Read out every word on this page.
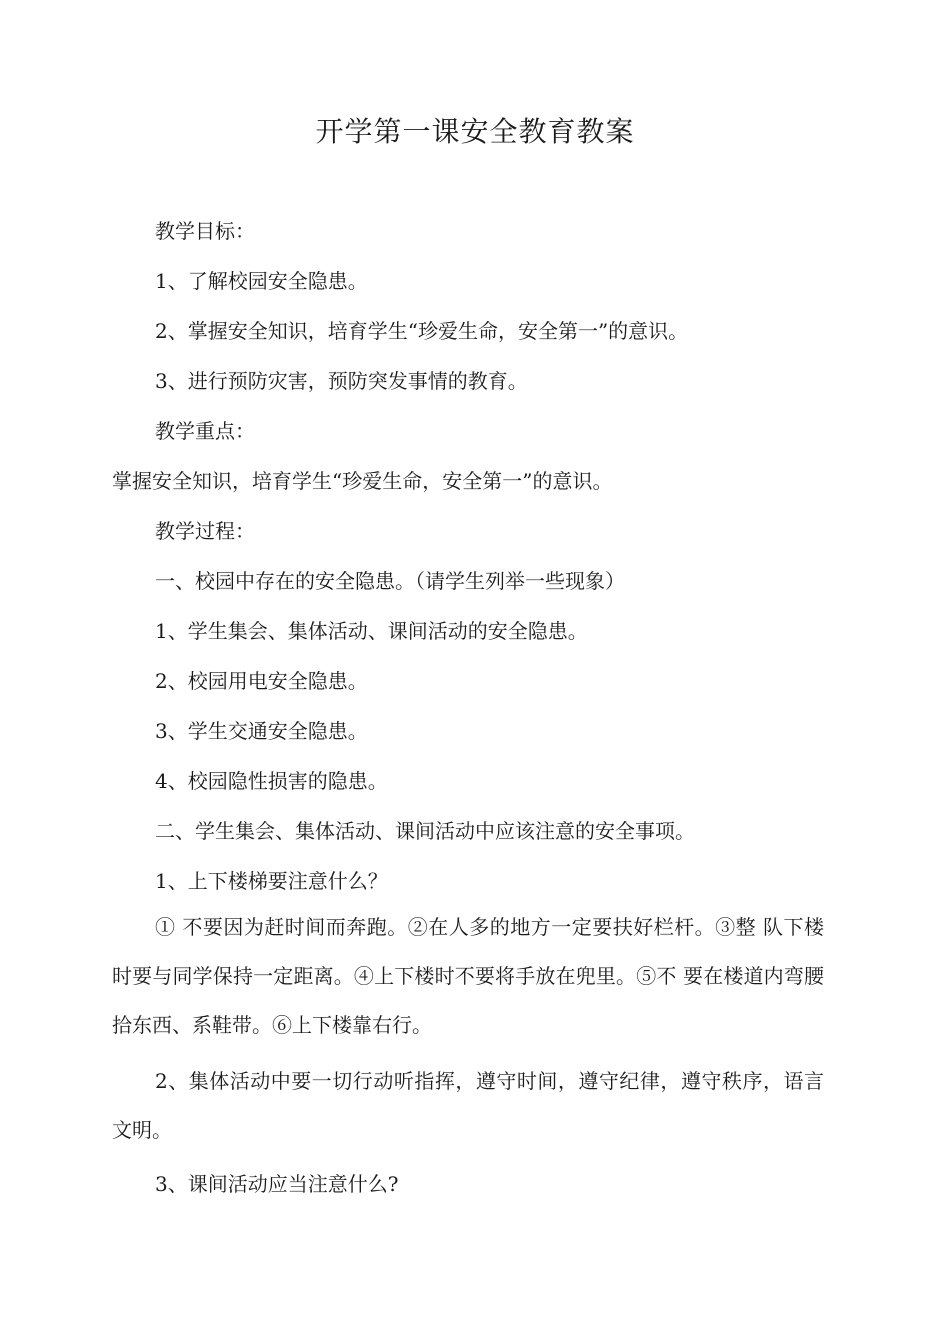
开学第一课安全教育教案
教学目标：
1、了解校园安全隐患。
2、掌握安全知识，培育学生“珍爱生命，安全第一”的意识。
3、进行预防灾害，预防突发事情的教育。
教学重点：
掌握安全知识，培育学生“珍爱生命，安全第一”的意识。
教学过程：
一、校园中存在的安全隐患。（请学生列举一些现象）
1、学生集会、集体活动、课间活动的安全隐患。
2、校园用电安全隐患。
3、学生交通安全隐患。
4、校园隐性损害的隐患。
二、学生集会、集体活动、课间活动中应该注意的安全事项。
1、上下楼梯要注意什么？
① 不要因为赶时间而奔跑。②在人多的地方一定要扶好栏杆。③整 队下楼时要与同学保持一定距离。④上下楼时不要将手放在兜里。⑤不 要在楼道内弯腰拾东西、系鞋带。⑥上下楼靠右行。
2、集体活动中要一切行动听指挥，遵守时间，遵守纪律，遵守秩序，语言文明。
3、课间活动应当注意什么?
